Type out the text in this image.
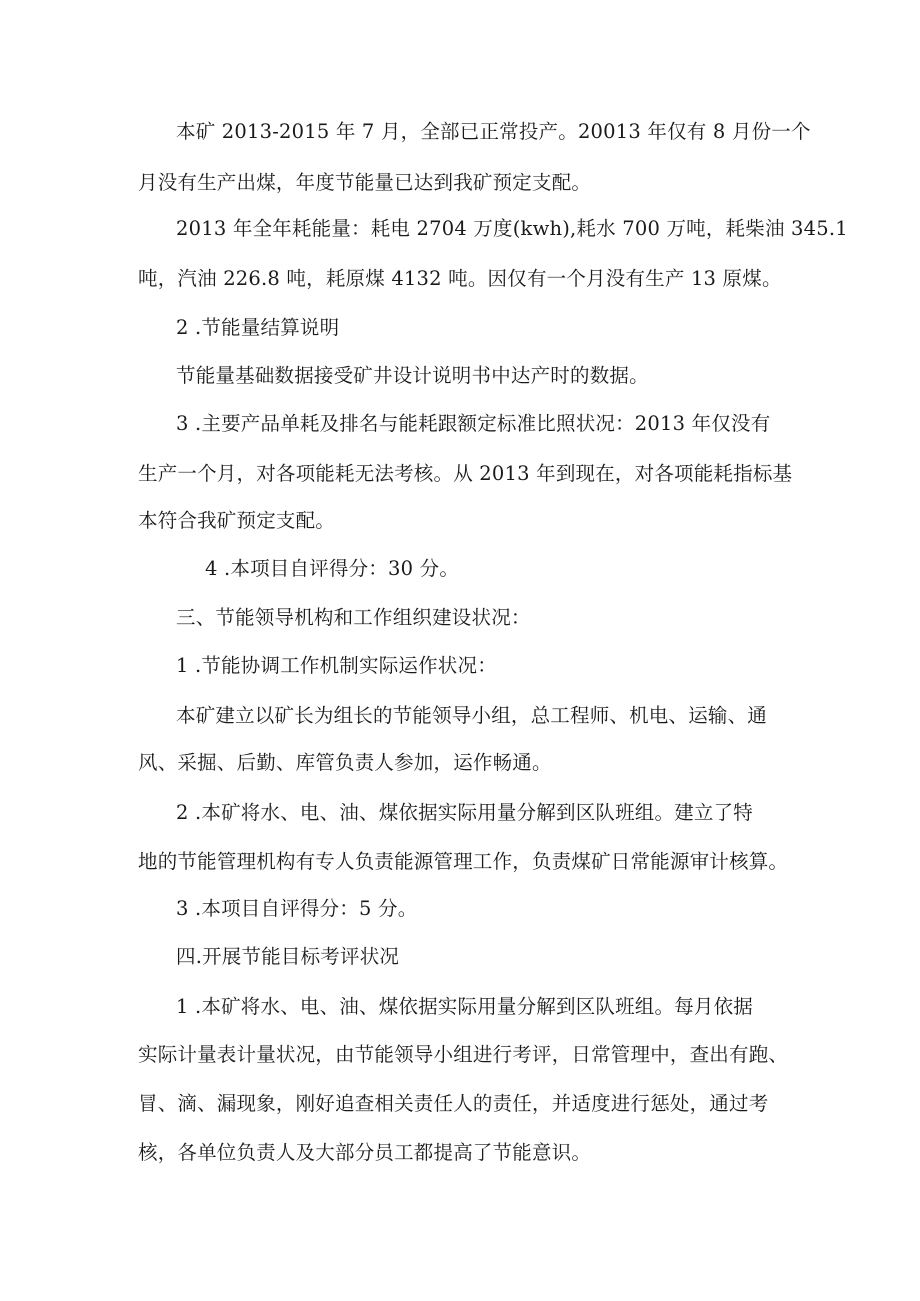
本矿 2013-2015 年 7 月，全部已正常投产。20013 年仅有 8 月份一个
月没有生产出煤，年度节能量已达到我矿预定支配。
2013 年全年耗能量：耗电 2704 万度(kwh),耗水 700 万吨，耗柴油 345.1
吨，汽油 226.8 吨，耗原煤 4132 吨。因仅有一个月没有生产 13 原煤。
2 .节能量结算说明
节能量基础数据接受矿井设计说明书中达产时的数据。
3 .主要产品单耗及排名与能耗跟额定标准比照状况：2013 年仅没有
生产一个月，对各项能耗无法考核。从 2013 年到现在，对各项能耗指标基
本符合我矿预定支配。
4 .本项目自评得分：30 分。
三、节能领导机构和工作组织建设状况：
1 .节能协调工作机制实际运作状况：
本矿建立以矿长为组长的节能领导小组，总工程师、机电、运输、通
风、采掘、后勤、库管负责人参加，运作畅通。
2 .本矿将水、电、油、煤依据实际用量分解到区队班组。建立了特
地的节能管理机构有专人负责能源管理工作，负责煤矿日常能源审计核算。
3 .本项目自评得分：5 分。
四.开展节能目标考评状况
1 .本矿将水、电、油、煤依据实际用量分解到区队班组。每月依据
实际计量表计量状况，由节能领导小组进行考评，日常管理中，查出有跑、
冒、滴、漏现象，刚好追查相关责任人的责任，并适度进行惩处，通过考
核，各单位负责人及大部分员工都提高了节能意识。
